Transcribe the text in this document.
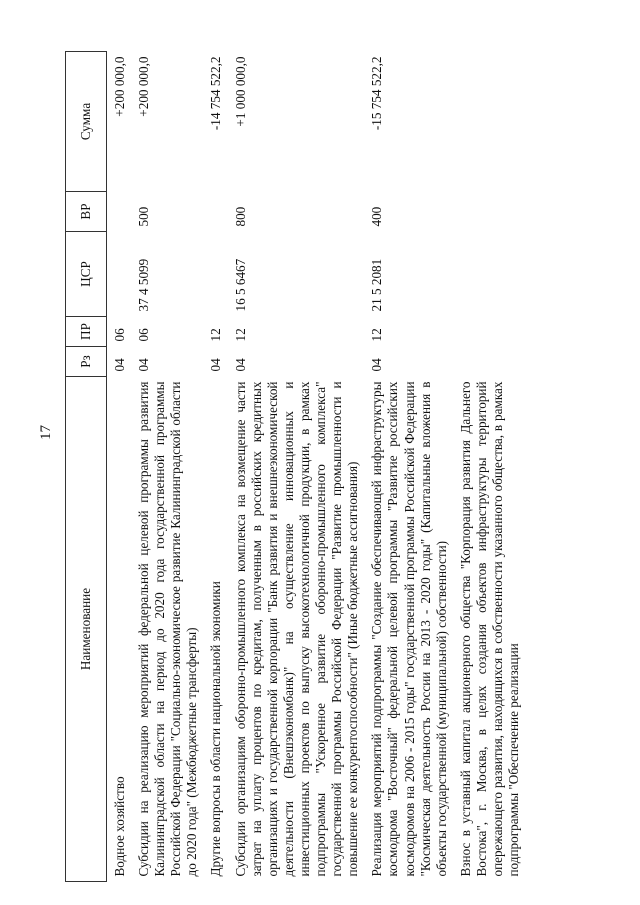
17
Наименование	Рз	ПР	ЦСР	ВР	Сумма
Водное хозяйство	04	06			+200 000,0
Субсидии на реализацию мероприятий федеральной целевой программы развития Калининградской области на период до 2020 года государственной программы Российской Федерации "Социально-экономическое развитие Калининградской области до 2020 года" (Межбюджетные трансферты)	04	06	37 4 5099	500	+200 000,0
Другие вопросы в области национальной экономики	04	12			-14 754 522,2
Субсидии организациям оборонно-промышленного комплекса на возмещение части затрат на уплату процентов по кредитам, полученным в российских кредитных организациях и государственной корпорации "Банк развития и внешнеэкономической деятельности (Внешэкономбанк)" на осуществление инновационных и инвестиционных проектов по выпуску высокотехнологичной продукции, в рамках подпрограммы "Ускоренное развитие оборонно-промышленного комплекса" государственной программы Российской Федерации "Развитие промышленности и повышение ее конкурентоспособности" (Иные бюджетные ассигнования)	04	12	16 5 6467	800	+1 000 000,0
Реализация мероприятий подпрограммы "Создание обеспечивающей инфраструктуры космодрома "Восточный" федеральной целевой программы "Развитие российских космодромов на 2006 - 2015 годы" государственной программы Российской Федерации "Космическая деятельность России на 2013 - 2020 годы" (Капитальные вложения в объекты государственной (муниципальной) собственности)	04	12	21 5 2081	400	-15 754 522,2
Взнос в уставный капитал акционерного общества "Корпорация развития Дальнего Востока", г. Москва, в целях создания объектов инфраструктуры территорий опережающего развития, находящихся в собственности указанного общества, в рамках подпрограммы "Обеспечение реализации					
